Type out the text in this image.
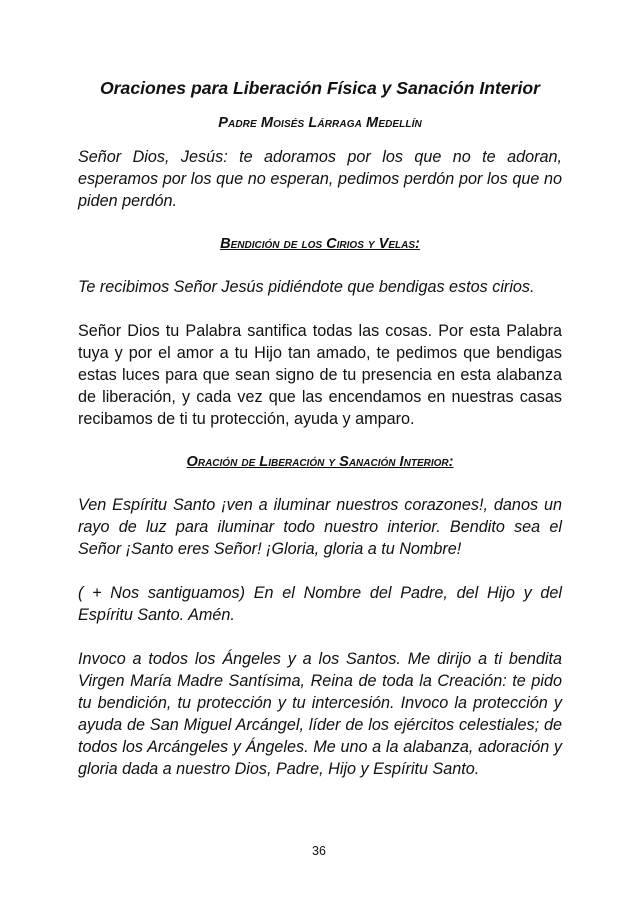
Oraciones para Liberación Física y Sanación Interior

Padre Moisés Lárraga Medellín

Señor Dios, Jesús: te adoramos por los que no te adoran, esperamos por los que no esperan, pedimos perdón por los que no piden perdón.

Bendición de los Cirios y Velas:

Te recibimos Señor Jesús pidiéndote que bendigas estos cirios.

Señor Dios tu Palabra santifica todas las cosas. Por esta Palabra tuya y por el amor a tu Hijo tan amado, te pedimos que bendigas estas luces para que sean signo de tu presencia en esta alabanza de liberación, y cada vez que las encendamos en nuestras casas recibamos de ti tu protección, ayuda y amparo.

Oración de Liberación y Sanación Interior:

Ven Espíritu Santo ¡ven a iluminar nuestros corazones!, danos un rayo de luz para iluminar todo nuestro interior. Bendito sea el Señor ¡Santo eres Señor! ¡Gloria, gloria a tu Nombre!

( + Nos santiguamos) En el Nombre del Padre, del Hijo y del Espíritu Santo. Amén.

Invoco a todos los Ángeles y a los Santos. Me dirijo a ti bendita Virgen María Madre Santísima, Reina de toda la Creación: te pido tu bendición, tu protección y tu intercesión. Invoco la protección y ayuda de San Miguel Arcángel, líder de los ejércitos celestiales; de todos los Arcángeles y Ángeles. Me uno a la alabanza, adoración y gloria dada a nuestro Dios, Padre, Hijo y Espíritu Santo.

36
